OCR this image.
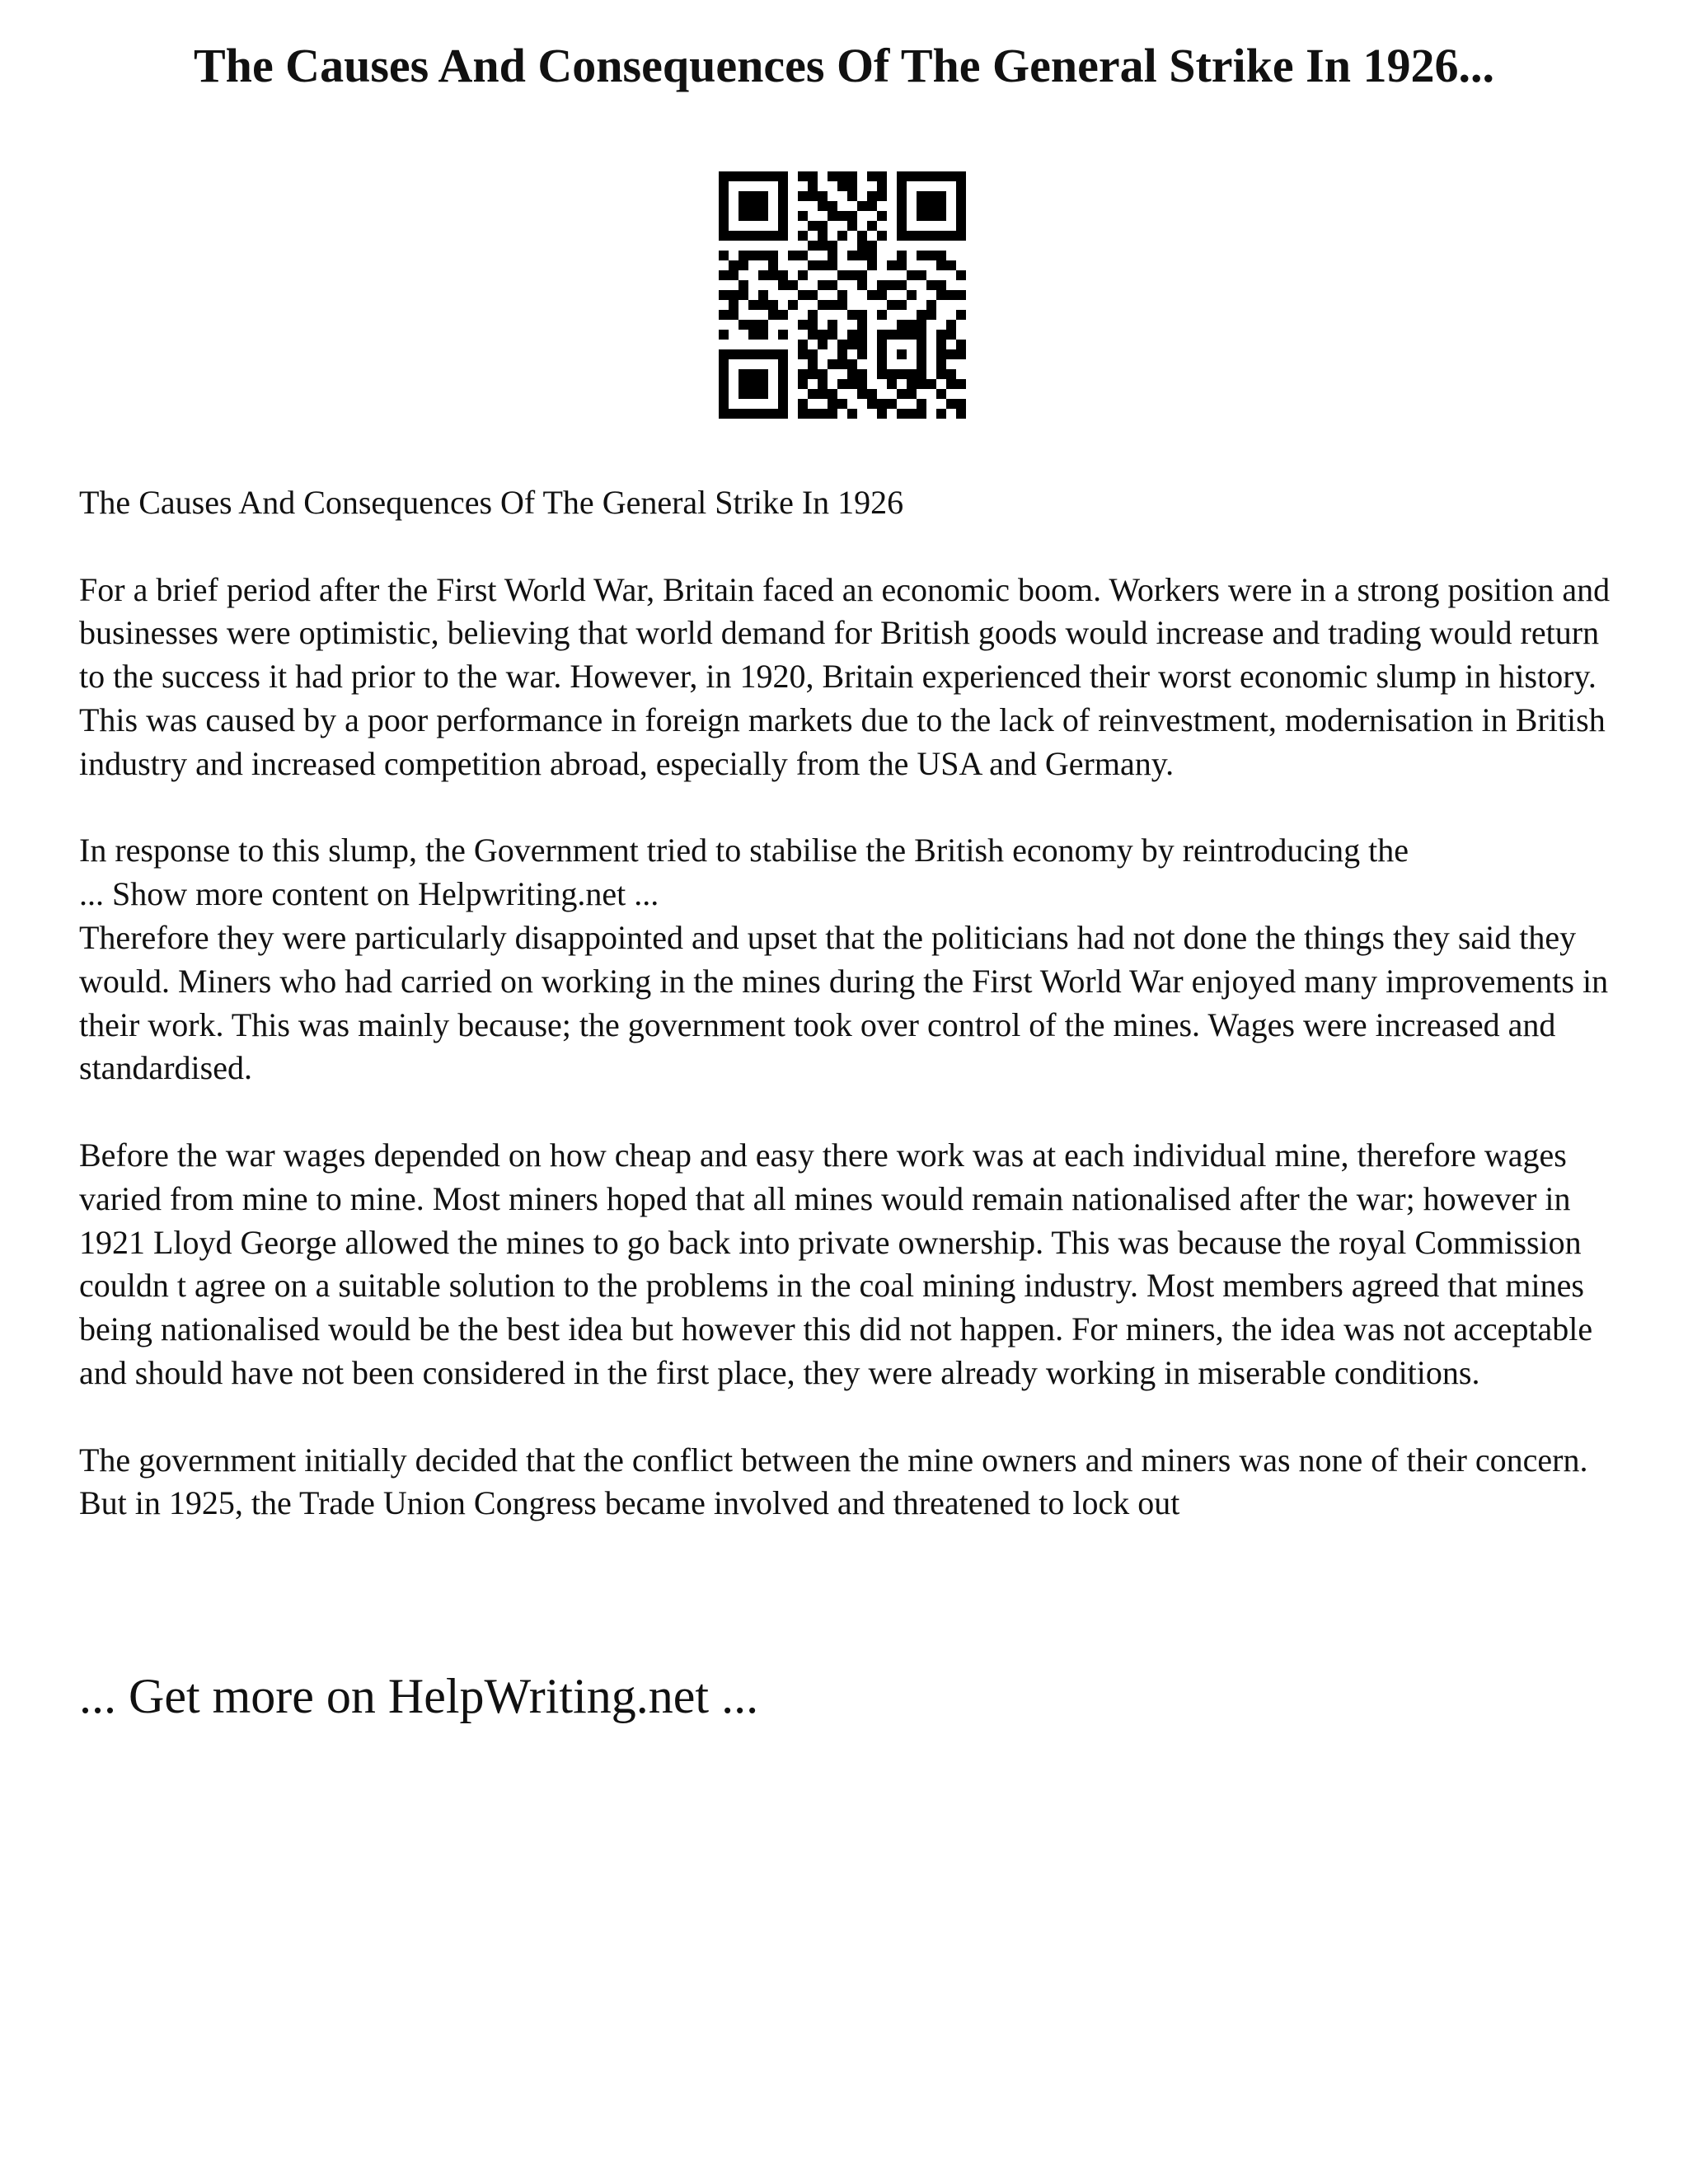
The Causes And Consequences Of The General Strike In 1926...

The Causes And Consequences Of The General Strike In 1926

For a brief period after the First World War, Britain faced an economic boom. Workers were in a strong position and businesses were optimistic, believing that world demand for British goods would increase and trading would return to the success it had prior to the war. However, in 1920, Britain experienced their worst economic slump in history. This was caused by a poor performance in foreign markets due to the lack of reinvestment, modernisation in British industry and increased competition abroad, especially from the USA and Germany.

In response to this slump, the Government tried to stabilise the British economy by reintroducing the

... Show more content on Helpwriting.net ...

Therefore they were particularly disappointed and upset that the politicians had not done the things they said they would. Miners who had carried on working in the mines during the First World War enjoyed many improvements in their work. This was mainly because; the government took over control of the mines. Wages were increased and standardised.

Before the war wages depended on how cheap and easy there work was at each individual mine, therefore wages varied from mine to mine. Most miners hoped that all mines would remain nationalised after the war; however in 1921 Lloyd George allowed the mines to go back into private ownership. This was because the royal Commission couldn t agree on a suitable solution to the problems in the coal mining industry. Most members agreed that mines being nationalised would be the best idea but however this did not happen. For miners, the idea was not acceptable and should have not been considered in the first place, they were already working in miserable conditions.

The government initially decided that the conflict between the mine owners and miners was none of their concern. But in 1925, the Trade Union Congress became involved and threatened to lock out

... Get more on HelpWriting.net ...
